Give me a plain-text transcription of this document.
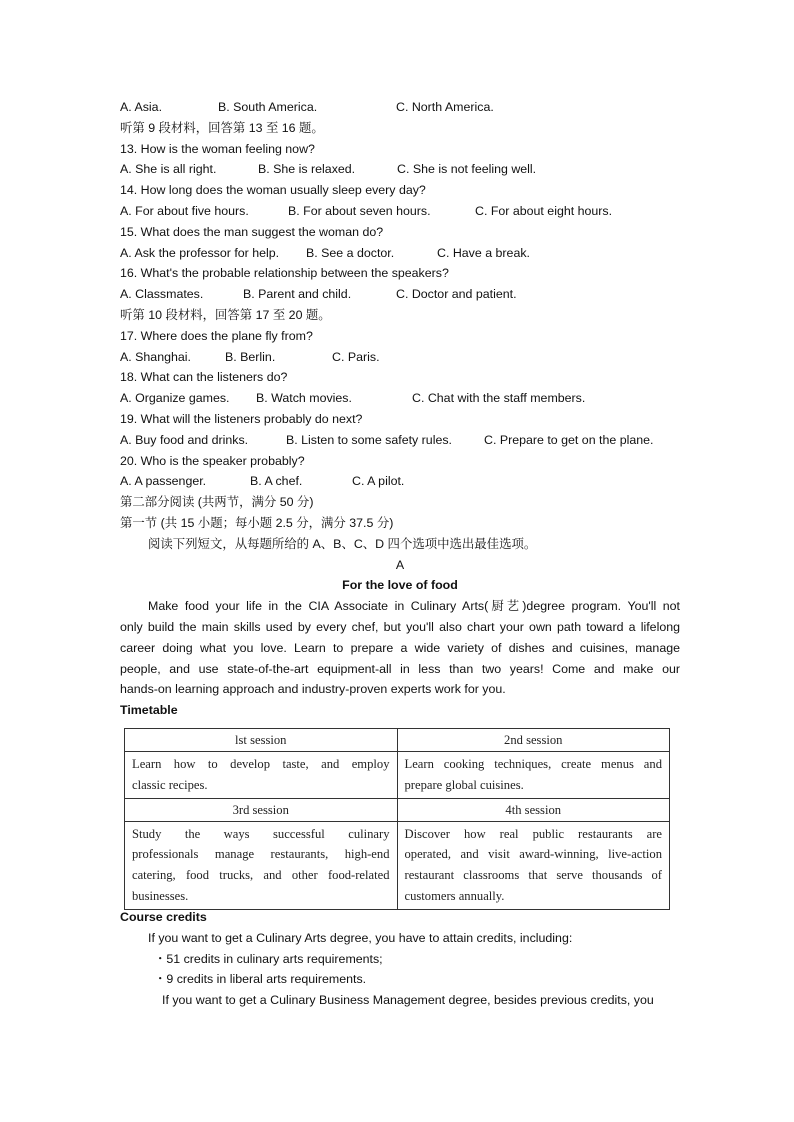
A. Asia.	B. South America.	C. North America.
听第 9 段材料，回答第 13 至 16 题。
13. How is the woman feeling now?
A. She is all right.	B. She is relaxed.	C. She is not feeling well.
14. How long does the woman usually sleep every day?
A. For about five hours.	B. For about seven hours.	C. For about eight hours.
15. What does the man suggest the woman do?
A. Ask the professor for help. B. See a doctor.	C. Have a break.
16. What's the probable relationship between the speakers?
A. Classmates.	B. Parent and child.	C. Doctor and patient.
听第 10 段材料，回答第 17 至 20 题。
17. Where does the plane fly from?
A. Shanghai.	B. Berlin.	C. Paris.
18. What can the listeners do?
A. Organize games. B. Watch movies.	C. Chat with the staff members.
19. What will the listeners probably do next?
A. Buy food and drinks.	B. Listen to some safety rules.	C. Prepare to get on the plane.
20. Who is the speaker probably?
A. A passenger.	B. A chef.	C. A pilot.
第二部分阅读 (共两节，满分 50 分)
第一节 (共 15 小题；每小题 2.5 分，满分 37.5 分)
阅读下列短文，从每题所给的 A、B、C、D 四个选项中选出最佳选项。
A
For the love of food
Make food your life in the CIA Associate in Culinary Arts(厨艺)degree program. You'll not
only build the main skills used by every chef, but you'll also chart your own path toward a lifelong
career doing what you love. Learn to prepare a wide variety of dishes and cuisines, manage
people, and use state-of-the-art equipment-all in less than two years! Come and make our
hands-on learning approach and industry-proven experts work for you.
Timetable
lst session	2nd session

Learn how to develop taste, and employ
classic recipes.	Learn cooking techniques, create menus and
prepare global cuisines.

3rd session	4th session

Study the ways successful culinary
professionals manage restaurants, high-end
catering, food trucks, and other food-related
businesses.	Discover how real public restaurants are
operated, and visit award-winning, live-action
restaurant classrooms that serve thousands of
customers annually.
Course credits
If you want to get a Culinary Arts degree, you have to attain credits, including:
・51 credits in culinary arts requirements;
・9 credits in liberal arts requirements.
If you want to get a Culinary Business Management degree, besides previous credits, you
